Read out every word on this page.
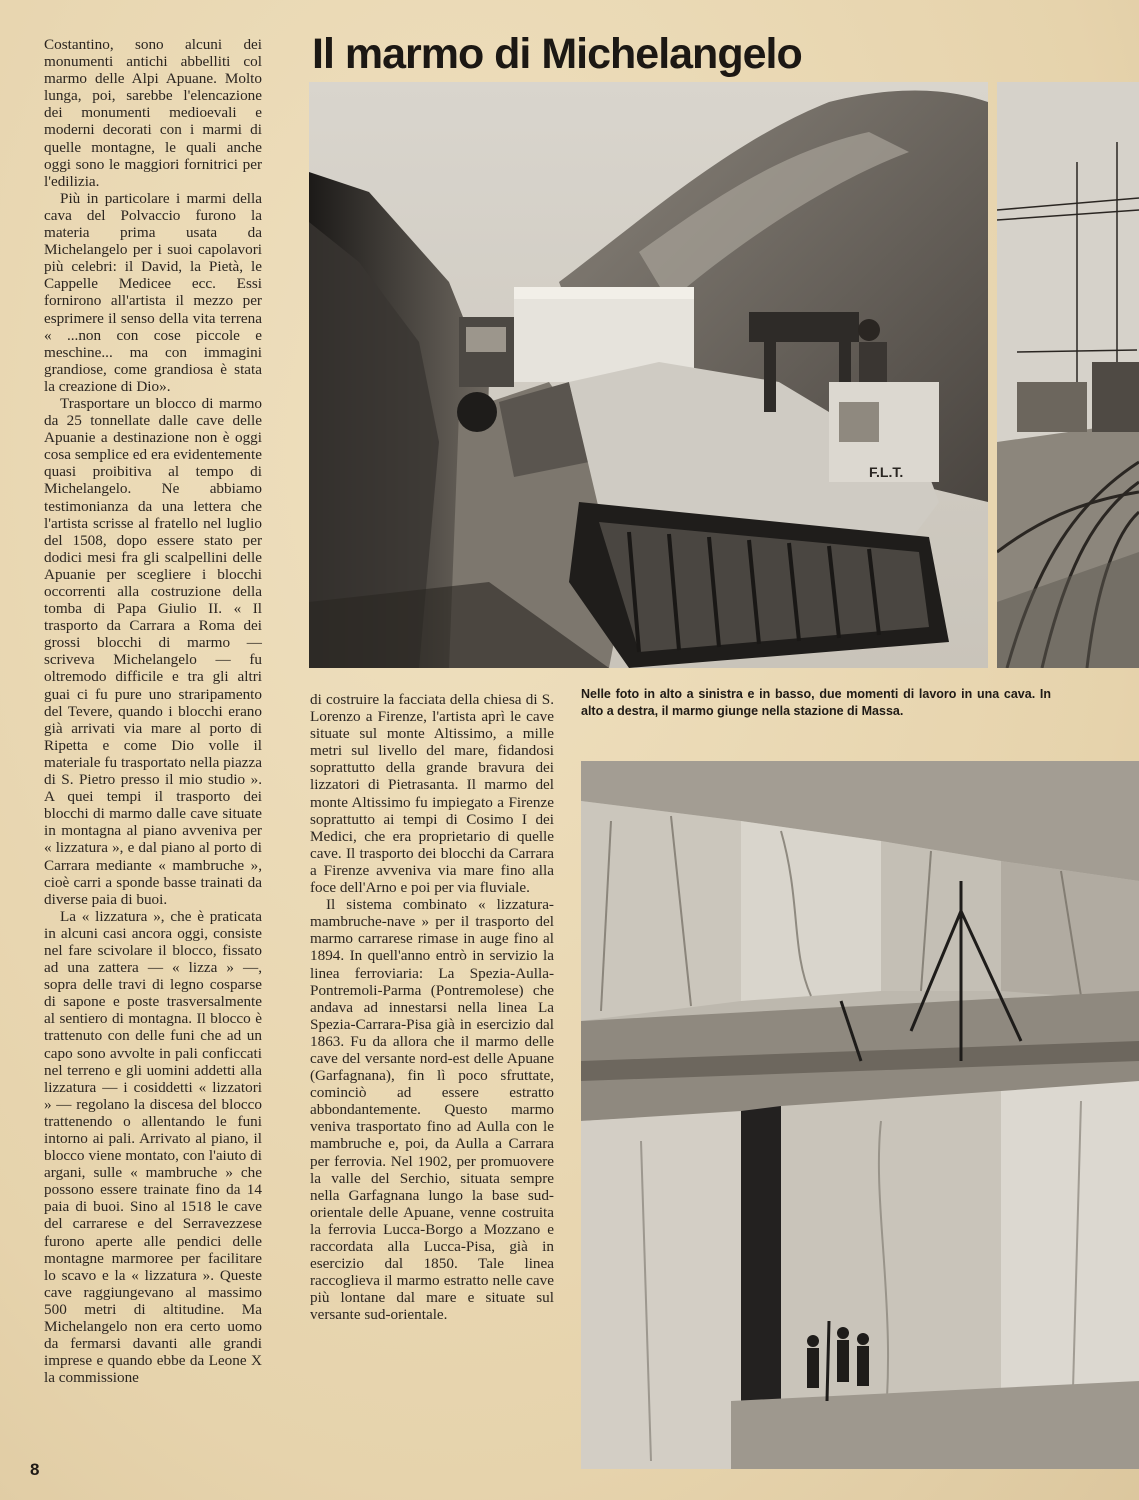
Il marmo di Michelangelo

Costantino, sono alcuni dei monumenti antichi abbelliti col marmo delle Alpi Apuane. Molto lunga, poi, sarebbe l'elencazione dei monumenti medioevali e moderni decorati con i marmi di quelle montagne, le quali anche oggi sono le maggiori fornitrici per l'edilizia.

Più in particolare i marmi della cava del Polvaccio furono la materia prima usata da Michelangelo per i suoi capolavori più celebri: il David, la Pietà, le Cappelle Medicee ecc. Essi fornirono all'artista il mezzo per esprimere il senso della vita terrena « ...non con cose piccole e meschine... ma con immagini grandiose, come grandiosa è stata la creazione di Dio».

Trasportare un blocco di marmo da 25 tonnellate dalle cave delle Apuanie a destinazione non è oggi cosa semplice ed era evidentemente quasi proibitiva al tempo di Michelangelo. Ne abbiamo testimonianza da una lettera che l'artista scrisse al fratello nel luglio del 1508, dopo essere stato per dodici mesi fra gli scalpellini delle Apuanie per scegliere i blocchi occorrenti alla costruzione della tomba di Papa Giulio II. « Il trasporto da Carrara a Roma dei grossi blocchi di marmo — scriveva Michelangelo — fu oltremodo difficile e tra gli altri guai ci fu pure uno straripamento del Tevere, quando i blocchi erano già arrivati via mare al porto di Ripetta e come Dio volle il materiale fu trasportato nella piazza di S. Pietro presso il mio studio ». A quei tempi il trasporto dei blocchi di marmo dalle cave situate in montagna al piano avveniva per « lizzatura », e dal piano al porto di Carrara mediante « mambruche », cioè carri a sponde basse trainati da diverse paia di buoi.

La « lizzatura », che è praticata in alcuni casi ancora oggi, consiste nel fare scivolare il blocco, fissato ad una zattera — « lizza » —, sopra delle travi di legno cosparse di sapone e poste trasversalmente al sentiero di montagna. Il blocco è trattenuto con delle funi che ad un capo sono avvolte in pali conficcati nel terreno e gli uomini addetti alla lizzatura — i cosiddetti « lizzatori » — regolano la discesa del blocco trattenendo o allentando le funi intorno ai pali. Arrivato al piano, il blocco viene montato, con l'aiuto di argani, sulle « mambruche » che possono essere trainate fino da 14 paia di buoi. Sino al 1518 le cave del carrarese e del Serravezzese furono aperte alle pendici delle montagne marmoree per facilitare lo scavo e la « lizzatura ». Queste cave raggiungevano al massimo 500 metri di altitudine. Ma Michelangelo non era certo uomo da fermarsi davanti alle grandi imprese e quando ebbe da Leone X la commissione

F.L.T.
Nelle foto in alto a sinistra e in basso, due momenti di lavoro in una cava. In alto a destra, il marmo giunge nella stazione di Massa.

di costruire la facciata della chiesa di S. Lorenzo a Firenze, l'artista aprì le cave situate sul monte Altissimo, a mille metri sul livello del mare, fidandosi soprattutto della grande bravura dei lizzatori di Pietrasanta. Il marmo del monte Altissimo fu impiegato a Firenze soprattutto ai tempi di Cosimo I dei Medici, che era proprietario di quelle cave. Il trasporto dei blocchi da Carrara a Firenze avveniva via mare fino alla foce dell'Arno e poi per via fluviale.

Il sistema combinato « lizzatura-mambruche-nave » per il trasporto del marmo carrarese rimase in auge fino al 1894. In quell'anno entrò in servizio la linea ferroviaria: La Spezia-Aulla-Pontremoli-Parma (Pontremolese) che andava ad innestarsi nella linea La Spezia-Carrara-Pisa già in esercizio dal 1863. Fu da allora che il marmo delle cave del versante nord-est delle Apuane (Garfagnana), fin lì poco sfruttate, cominciò ad essere estratto abbondantemente. Questo marmo veniva trasportato fino ad Aulla con le mambruche e, poi, da Aulla a Carrara per ferrovia. Nel 1902, per promuovere la valle del Serchio, situata sempre nella Garfagnana lungo la base sud-orientale delle Apuane, venne costruita la ferrovia Lucca-Borgo a Mozzano e raccordata alla Lucca-Pisa, già in esercizio dal 1850. Tale linea raccoglieva il marmo estratto nelle cave più lontane dal mare e situate sul versante sud-orientale.

8
